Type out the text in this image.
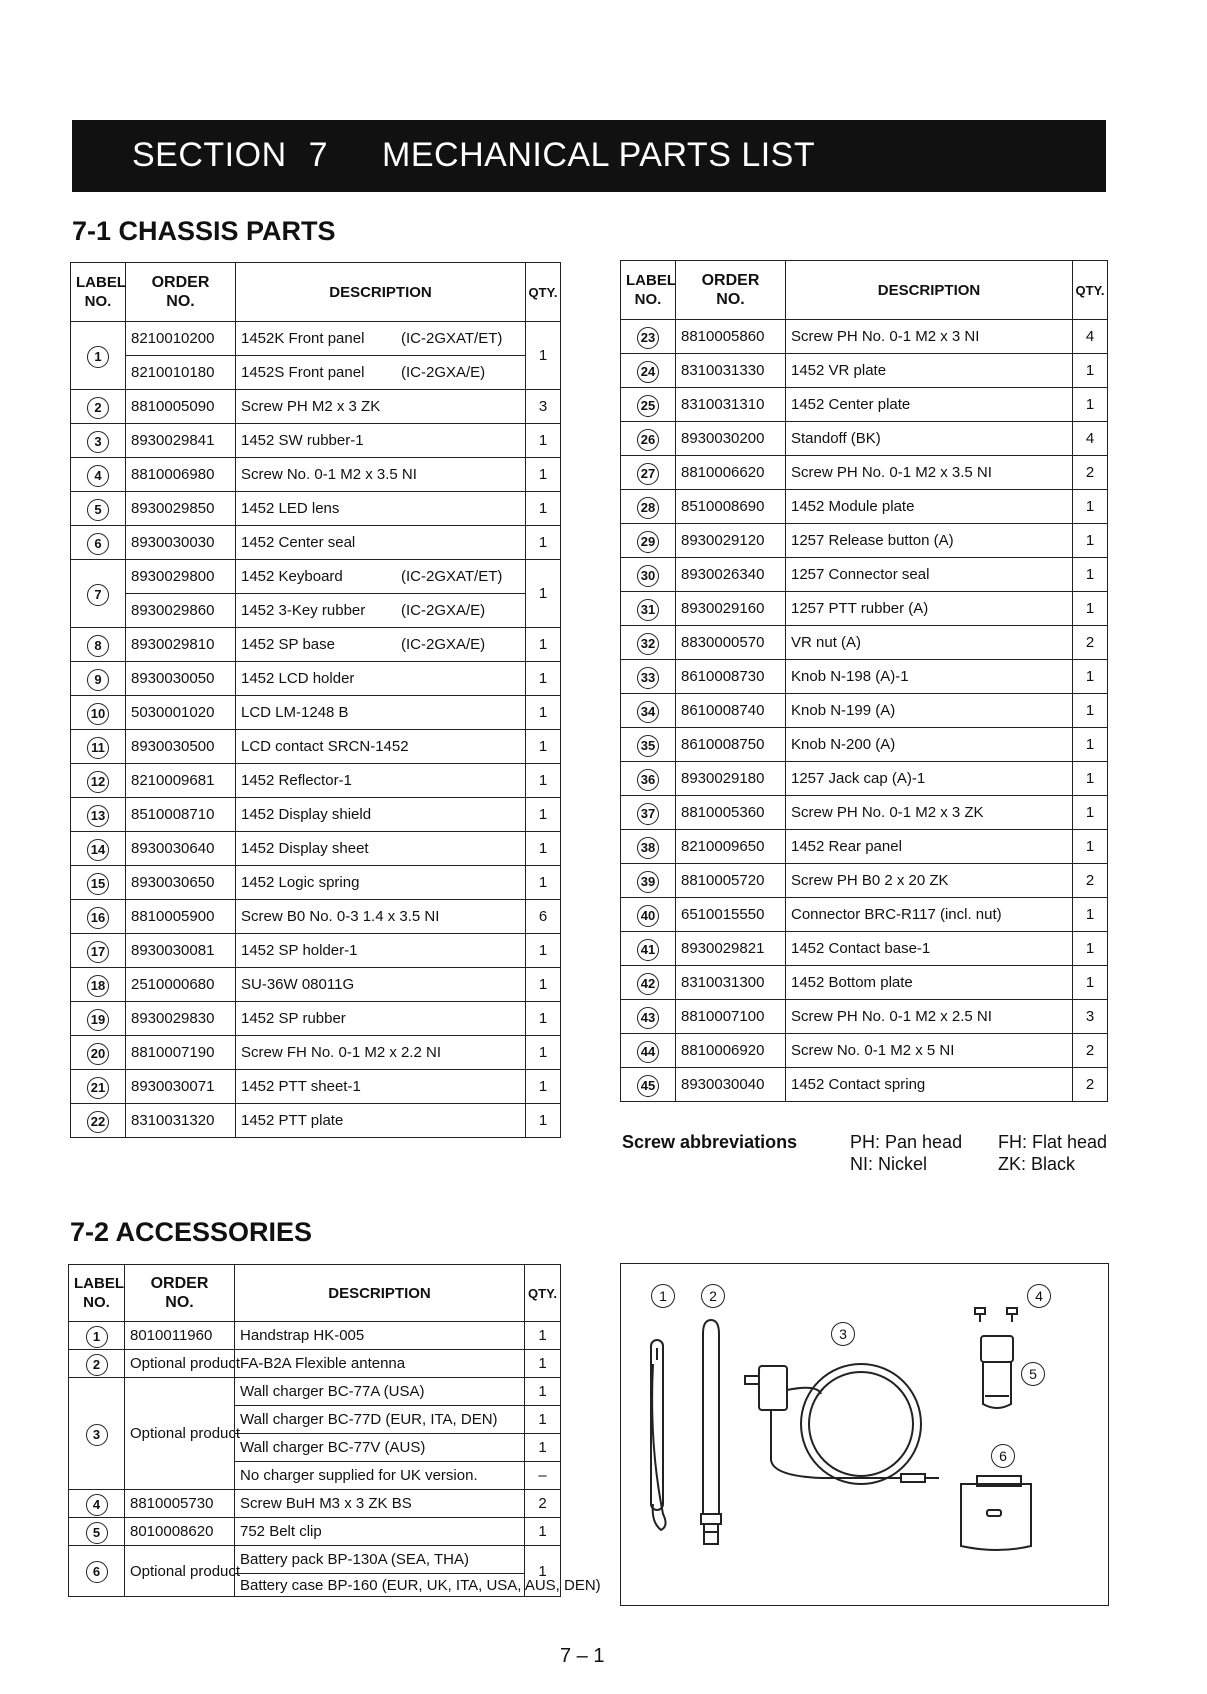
SECTION 7 MECHANICAL PARTS LIST
7-1 CHASSIS PARTS
LABEL
NO.	ORDER
NO.	DESCRIPTION	QTY.
1	8210010200	1452K Front panel (IC-2GXAT/ET)	1
	8210010180	1452S Front panel (IC-2GXA/E)	

2	8810005090	Screw PH M2 x 3 ZK	3
3	8930029841	1452 SW rubber-1	1
4	8810006980	Screw No. 0-1 M2 x 3.5 NI	1
5	8930029850	1452 LED lens	1
6	8930030030	1452 Center seal	1
7	8930029800	1452 Keyboard (IC-2GXAT/ET)	1
	8930029860	1452 3-Key rubber (IC-2GXA/E)	

8	8930029810	1452 SP base (IC-2GXA/E)	1
9	8930030050	1452 LCD holder	1
10	5030001020	LCD LM-1248 B	1
11	8930030500	LCD contact SRCN-1452	1
12	8210009681	1452 Reflector-1	1
13	8510008710	1452 Display shield	1
14	8930030640	1452 Display sheet	1
15	8930030650	1452 Logic spring	1
16	8810005900	Screw B0 No. 0-3 1.4 x 3.5 NI	6
17	8930030081	1452 SP holder-1	1
18	2510000680	SU-36W 08011G	1
19	8930029830	1452 SP rubber	1
20	8810007190	Screw FH No. 0-1 M2 x 2.2 NI	1
21	8930030071	1452 PTT sheet-1	1
22	8310031320	1452 PTT plate	1
LABEL
NO.	ORDER
NO.	DESCRIPTION	QTY.
23	8810005860	Screw PH No. 0-1 M2 x 3 NI	4
24	8310031330	1452 VR plate	1
25	8310031310	1452 Center plate	1
26	8930030200	Standoff (BK)	4
27	8810006620	Screw PH No. 0-1 M2 x 3.5 NI	2
28	8510008690	1452 Module plate	1
29	8930029120	1257 Release button (A)	1
30	8930026340	1257 Connector seal	1
31	8930029160	1257 PTT rubber (A)	1
32	8830000570	VR nut (A)	2
33	8610008730	Knob N-198 (A)-1	1
34	8610008740	Knob N-199 (A)	1
35	8610008750	Knob N-200 (A)	1
36	8930029180	1257 Jack cap (A)-1	1
37	8810005360	Screw PH No. 0-1 M2 x 3 ZK	1
38	8210009650	1452 Rear panel	1
39	8810005720	Screw PH B0 2 x 20 ZK	2
40	6510015550	Connector BRC-R117 (incl. nut)	1
41	8930029821	1452 Contact base-1	1
42	8310031300	1452 Bottom plate	1
43	8810007100	Screw PH No. 0-1 M2 x 2.5 NI	3
44	8810006920	Screw No. 0-1 M2 x 5 NI	2
45	8930030040	1452 Contact spring	2
Screw abbreviations	PH: Pan head FH: Flat head
NI: Nickel	ZK: Black
7-2 ACCESSORIES
LABEL
NO.	ORDER
NO.	DESCRIPTION	QTY.
1	8010011960	Handstrap HK-005	1
2	Optional product	FA-B2A Flexible antenna	1
3	Optional product	Wall charger BC-77A (USA)	1
		Wall charger BC-77D (EUR, ITA, DEN)	1
		Wall charger BC-77V (AUS)	1
		No charger supplied for UK version.	–
4	8810005730	Screw BuH M3 x 3 ZK BS	2
5	8010008620	752 Belt clip	1
6	Optional product	Battery pack BP-130A (SEA, THA)	1
		Battery case BP-160 (EUR, UK, ITA, USA, AUS, DEN)	
1	2
3
4
5
6
7 – 1
